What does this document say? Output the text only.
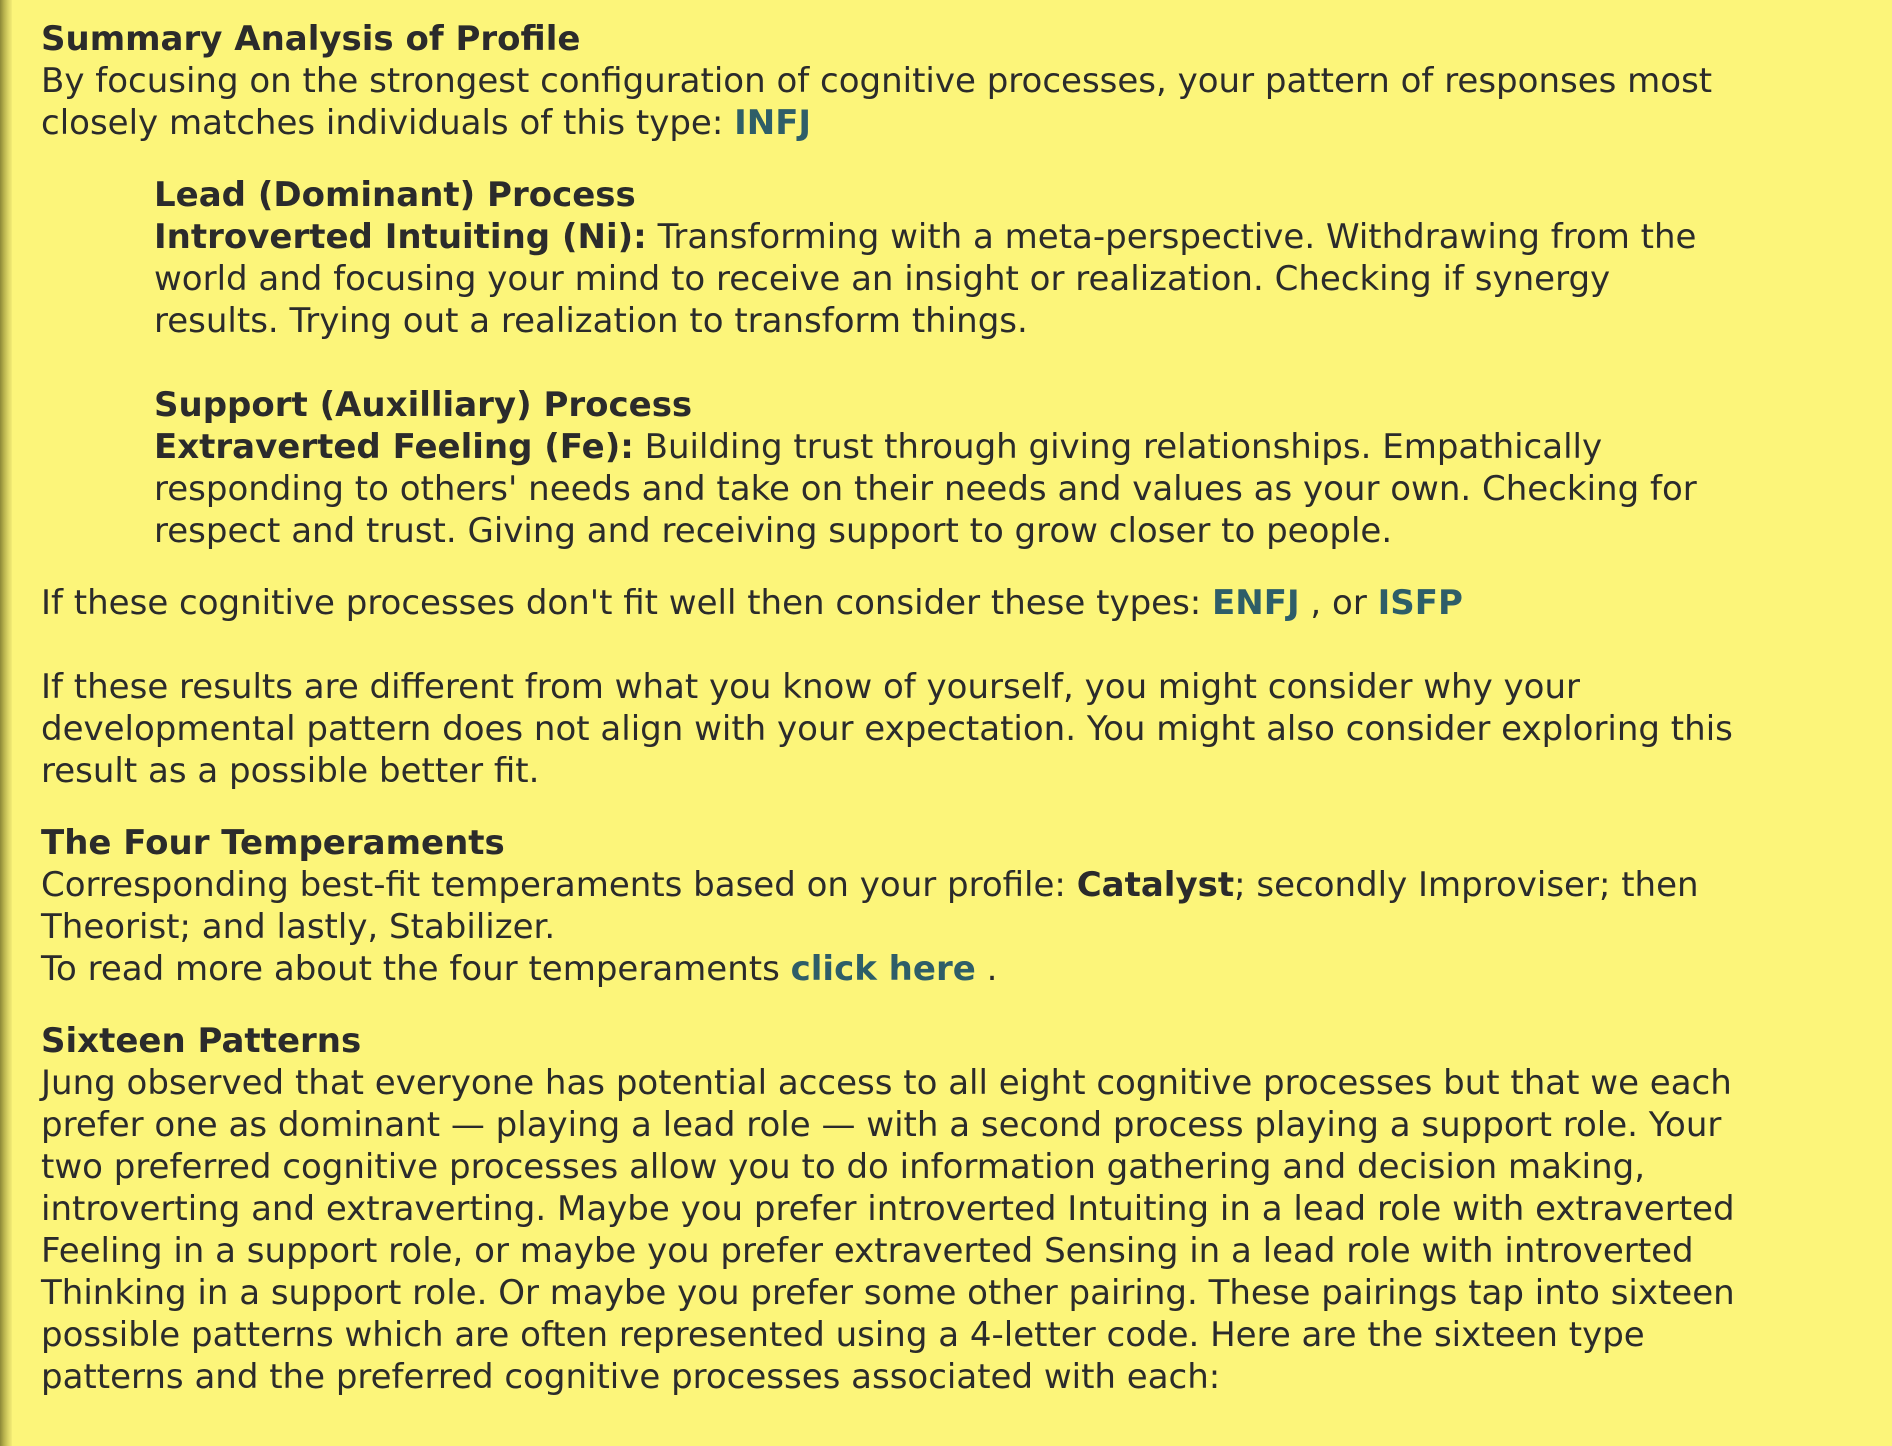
Summary Analysis of Profile

By focusing on the strongest configuration of cognitive processes, your pattern of responses most closely matches individuals of this type: INFJ

Lead (Dominant) Process

Introverted Intuiting (Ni): Transforming with a meta-perspective. Withdrawing from the world and focusing your mind to receive an insight or realization. Checking if synergy results. Trying out a realization to transform things.

Support (Auxilliary) Process

Extraverted Feeling (Fe): Building trust through giving relationships. Empathically responding to others' needs and take on their needs and values as your own. Checking for respect and trust. Giving and receiving support to grow closer to people.

If these cognitive processes don't fit well then consider these types: ENFJ , or ISFP

If these results are different from what you know of yourself, you might consider why your developmental pattern does not align with your expectation. You might also consider exploring this result as a possible better fit.

The Four Temperaments

Corresponding best-fit temperaments based on your profile: Catalyst; secondly Improviser; then Theorist; and lastly, Stabilizer.

To read more about the four temperaments click here .

Sixteen Patterns

Jung observed that everyone has potential access to all eight cognitive processes but that we each prefer one as dominant — playing a lead role — with a second process playing a support role. Your two preferred cognitive processes allow you to do information gathering and decision making, introverting and extraverting. Maybe you prefer introverted Intuiting in a lead role with extraverted Feeling in a support role, or maybe you prefer extraverted Sensing in a lead role with introverted Thinking in a support role. Or maybe you prefer some other pairing. These pairings tap into sixteen possible patterns which are often represented using a 4-letter code. Here are the sixteen type patterns and the preferred cognitive processes associated with each:
